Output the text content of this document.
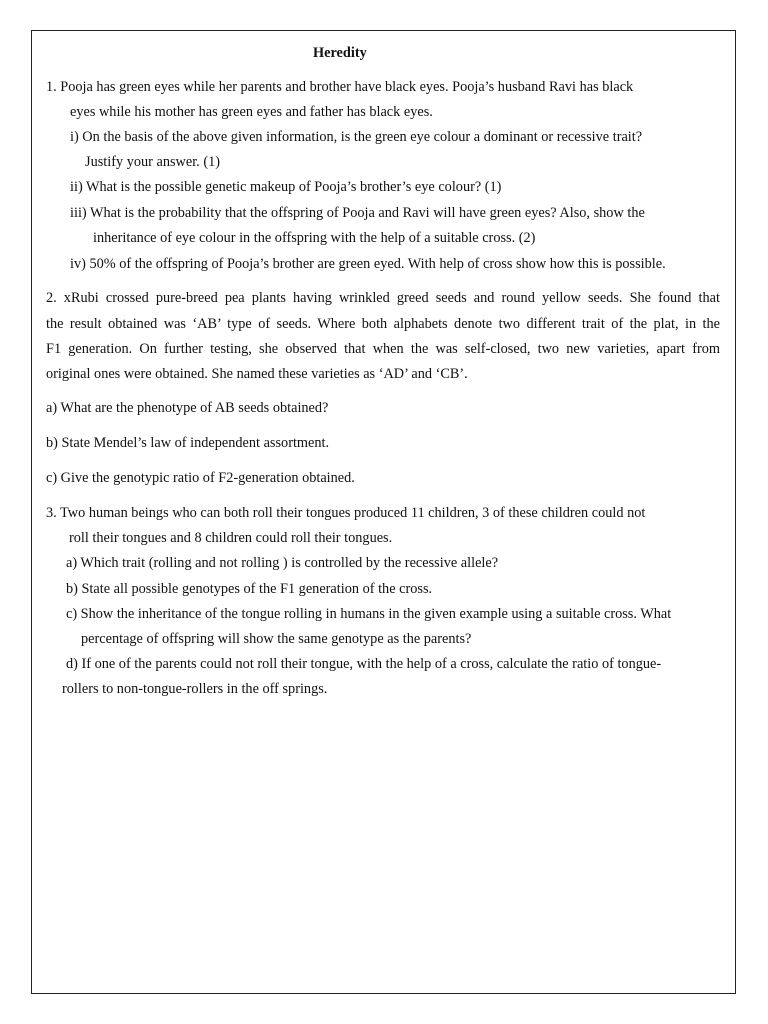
Heredity
1. Pooja has green eyes while her parents and brother have black eyes. Pooja’s husband Ravi has black
eyes while his mother has green eyes and father has black eyes.
i) On the basis of the above given information, is the green eye colour a dominant or recessive trait?
Justify your answer. (1)
ii) What is the possible genetic makeup of Pooja’s brother’s eye colour? (1)
iii) What is the probability that the offspring of Pooja and Ravi will have green eyes? Also, show the
inheritance of eye colour in the offspring with the help of a suitable cross. (2)
iv) 50% of the offspring of Pooja’s brother are green eyed. With help of cross show how this is possible.
2. xRubi crossed pure-breed pea plants having wrinkled greed seeds and round yellow seeds. She found that
the result obtained was ‘AB’ type of seeds. Where both alphabets denote two different trait of the plat, in the
F1 generation. On further testing, she observed that when the was self-closed, two new varieties, apart from
original ones were obtained. She named these varieties as ‘AD’ and ‘CB’.
a) What are the phenotype of AB seeds obtained?
b) State Mendel’s law of independent assortment.
c) Give the genotypic ratio of F2-generation obtained.
3. Two human beings who can both roll their tongues produced 11 children, 3 of these children could not
roll their tongues and 8 children could roll their tongues.
a) Which trait (rolling and not rolling ) is controlled by the recessive allele?
b) State all possible genotypes of the F1 generation of the cross.
c) Show the inheritance of the tongue rolling in humans in the given example using a suitable cross. What
percentage of offspring will show the same genotype as the parents?
d) If one of the parents could not roll their tongue, with the help of a cross, calculate the ratio of tongue-
rollers to non-tongue-rollers in the off springs.
